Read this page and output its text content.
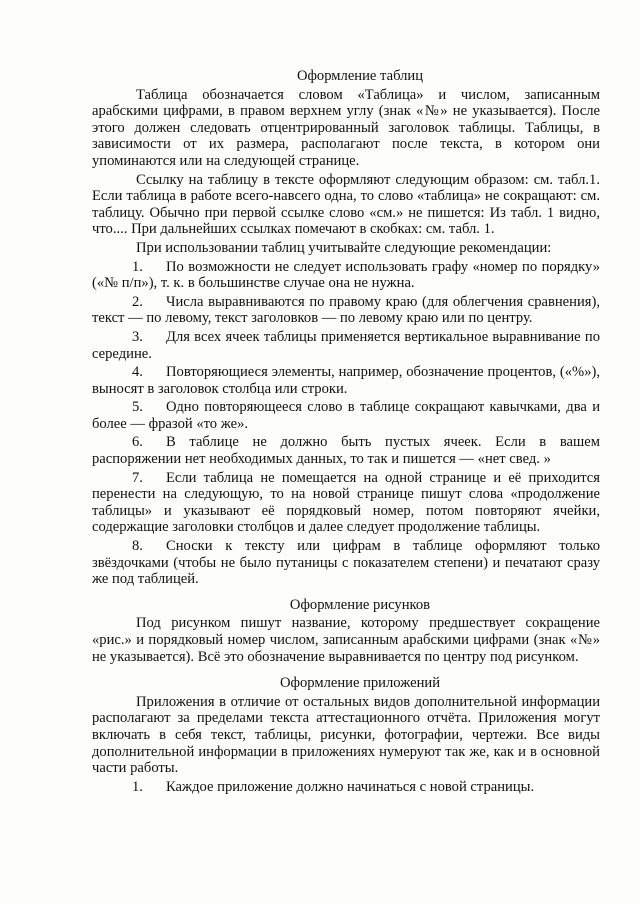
Оформление таблиц

Таблица обозначается словом «Таблица» и числом, записанным арабскими цифрами, в правом верхнем углу (знак «№» не указывается). После этого должен следовать отцентрированный заголовок таблицы. Таблицы, в зависимости от их размера, располагают после текста, в котором они упоминаются или на следующей странице.

Ссылку на таблицу в тексте оформляют следующим образом: см. табл.1. Если таблица в работе всего-навсего одна, то слово «таблица» не сокращают: см. таблицу. Обычно при первой ссылке слово «см.» не пишется: Из табл. 1 видно, что.... При дальнейших ссылках помечают в скобках: см. табл. 1.

При использовании таблиц учитывайте следующие рекомендации:

1. По возможности не следует использовать графу «номер по порядку» («№ п/п»), т. к. в большинстве случае она не нужна.

2. Числа выравниваются по правому краю (для облегчения сравнения), текст — по левому, текст заголовков — по левому краю или по центру.

3. Для всех ячеек таблицы применяется вертикальное выравнивание по середине.

4. Повторяющиеся элементы, например, обозначение процентов, («%»), выносят в заголовок столбца или строки.

5. Одно повторяющееся слово в таблице сокращают кавычками, два и более — фразой «то же».

6. В таблице не должно быть пустых ячеек. Если в вашем распоряжении нет необходимых данных, то так и пишется — «нет свед. »

7. Если таблица не помещается на одной странице и её приходится перенести на следующую, то на новой странице пишут слова «продолжение таблицы» и указывают её порядковый номер, потом повторяют ячейки, содержащие заголовки столбцов и далее следует продолжение таблицы.

8. Сноски к тексту или цифрам в таблице оформляют только звёздочками (чтобы не было путаницы с показателем степени) и печатают сразу же под таблицей.

Оформление рисунков

Под рисунком пишут название, которому предшествует сокращение «рис.» и порядковый номер числом, записанным арабскими цифрами (знак «№» не указывается). Всё это обозначение выравнивается по центру под рисунком.

Оформление приложений

Приложения в отличие от остальных видов дополнительной информации располагают за пределами текста аттестационного отчёта. Приложения могут включать в себя текст, таблицы, рисунки, фотографии, чертежи. Все виды дополнительной информации в приложениях нумеруют так же, как и в основной части работы.

1. Каждое приложение должно начинаться с новой страницы.
